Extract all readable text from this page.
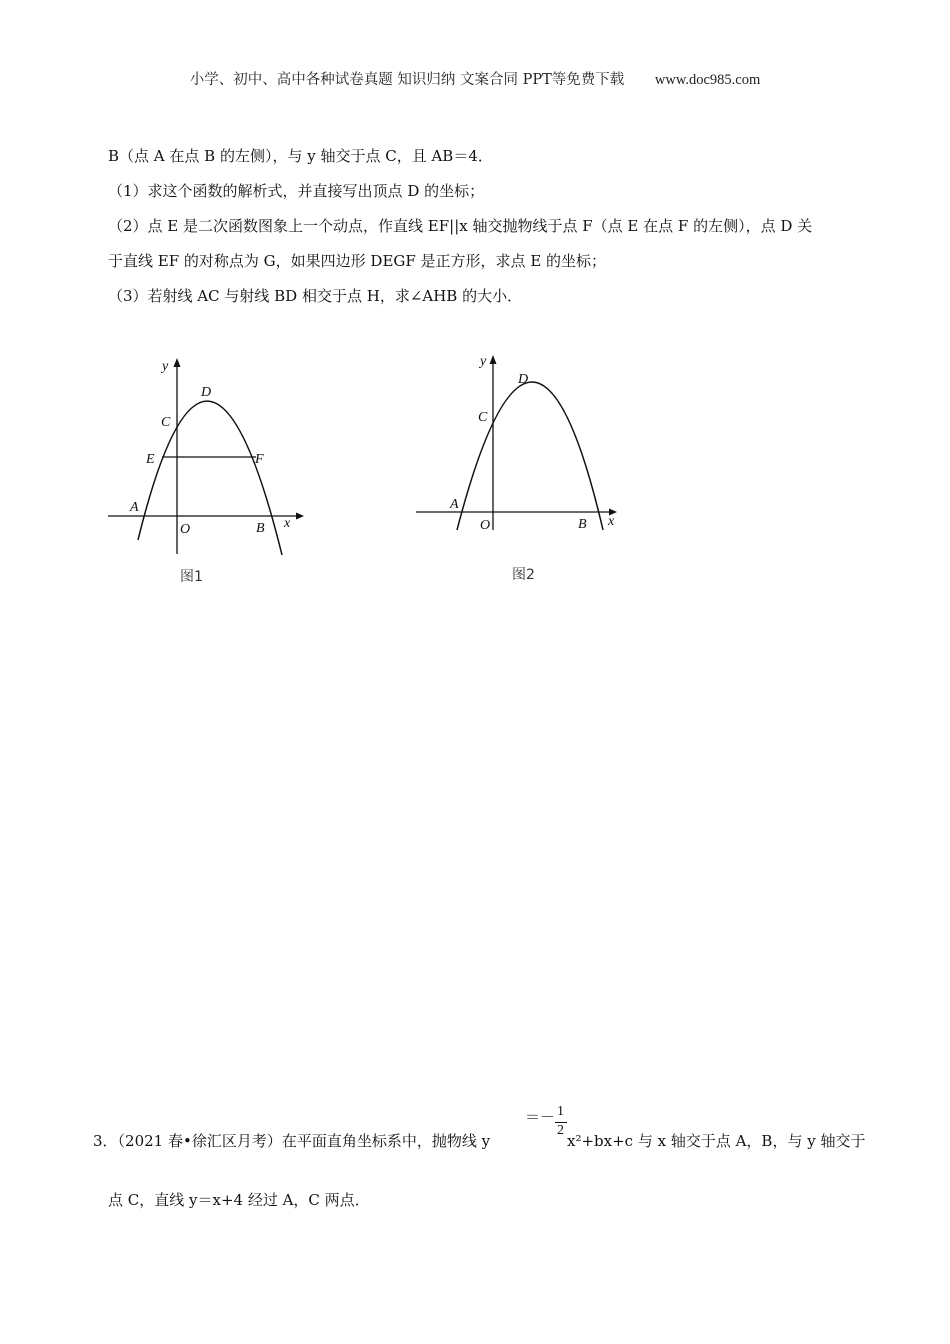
小学、初中、高中各种试卷真题 知识归纳 文案合同 PPT等免费下载 www.doc985.com
B（点 A 在点 B 的左侧），与 y 轴交于点 C，且 AB＝4．
（1）求这个函数的解析式，并直接写出顶点 D 的坐标；
（2）点 E 是二次函数图象上一个动点，作直线 EF||x 轴交抛物线于点 F（点 E 在点 F 的左侧），点 D 关
于直线 EF 的对称点为 G，如果四边形 DEGF 是正方形，求点 E 的坐标；
（3）若射线 AC 与射线 BD 相交于点 H，求∠AHB 的大小．
y
x
O
A
B
C
D
E	F
图1
y
x
O
A
B
C
D
图2
3．（2021 春•徐汇区月考）在平面直角坐标系中，抛物线 y
＝－ 1
2
x²+bx+c 与 x 轴交于点 A，B，与 y 轴交于
点 C，直线 y＝x+4 经过 A，C 两点．
